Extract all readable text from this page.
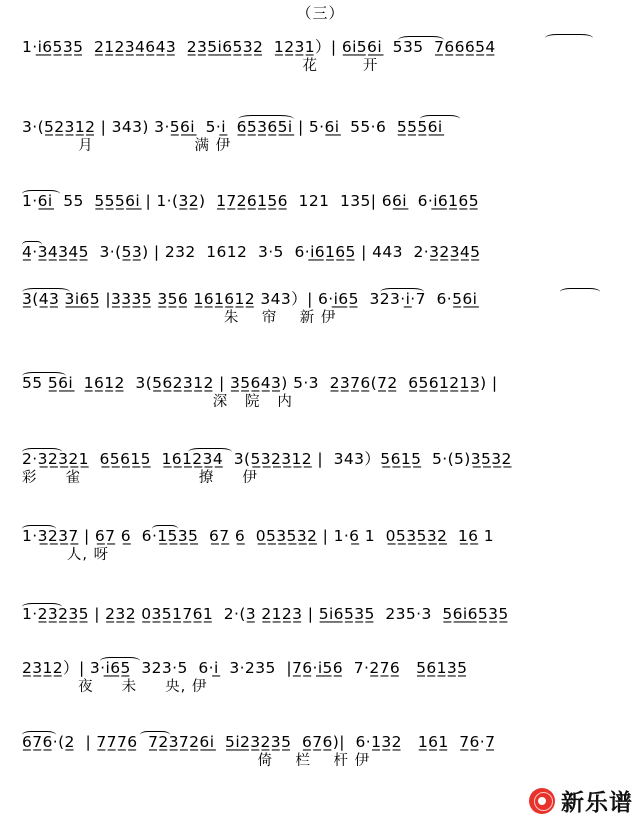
（三）
1·i̲6̲5̲3̲5̲  2̲1̲2̲3̲4̲6̲4̲3̲  2̲3̲5̲i̲6̲5̲3̲2̲  1̲2̲3̲1̲）| 6̲i̲5̲6̲i̲  535  7̲6̲6̲6̲5̲4̲
花        开
3·(5̲2̲3̲1̲2̲ | 343) 3·5̲6̲i̲  5·i̲  6̲5̲3̲6̲5̲i̲ | 5·6̲i̲  55·6  5̲5̲5̲6̲i̲
月                  满 伊
1·6̲i̲  55  5̲5̲5̲6̲i̲ | 1·(3̲2̲)  1̲7̲2̲6̲1̲5̲6̲  121  135| 66̲i̲  6·i̲6̲1̲6̲5̲
4̲·3̲4̲3̲4̲5̲  3·(5̲3̲) | 232  1612  3·5  6·i̲6̲1̲6̲5̲ | 443  2·3̲2̲3̲4̲5̲
3̲(4̲3̲ 3̲i̲6̲5̲ |3̲3̲3̲5̲ 3̲5̲6̲ 1̲6̲1̲6̲1̲2̲ 343）| 6·i̲6̲5̲  323·i̲·7  6·5̲6̲i̲
朱    帘    新 伊
55 5̲6̲i̲  1̲6̲1̲2̲  3(5̲6̲2̲3̲1̲2̲ | 3̲5̲6̲4̲3̲) 5·3  2̲3̲7̲6̲(7̲2̲  6̲5̲6̲1̲2̲1̲3̲) |
深   院   内
2·3̲2̲3̲2̲1̲  6̲5̲6̲1̲5̲  1̲6̲1̲2̲3̲4̲  3(5̲3̲2̲3̲1̲2̲ |  343）5̲6̲1̲5̲  5·(5)3̲5̲3̲2̲
彩     雀                     撩     伊
1·3̲2̲3̲7̲ | 6̲7̲ 6̲  6·1̲5̲3̲5̲  6̲7̲ 6̲  0̲5̲3̲5̲3̲2̲ | 1·6̲ 1  0̲5̲3̲5̲3̲2̲  1̲6̲ 1
人, 呀
1·2̲3̲2̲3̲5̲ | 2̲3̲2̲ 0̲3̲5̲1̲7̲6̲1̲  2·(3̲ 2̲1̲2̲3̲ | 5̲i̲6̲5̲3̲5̲  235·3  5̲6̲i̲6̲5̲3̲5̲
2̲3̲1̲2̲）| 3·i̲6̲5̲  323·5  6·i̲  3·235  |7̲6̲·i̲5̲6̲  7·2̲7̲6̲   5̲6̲1̲3̲5̲
夜     未     央, 伊
6̲7̲6̲·(2̲  | 7̲7̲7̲6̲  7̲2̲3̲7̲2̲6̲i̲  5̲i̲2̲3̲2̲3̲5̲  6̲7̲6̲)|  6·1̲3̲2̲   1̲6̲1̲  7̲6̲·7̲
倚    栏    杆 伊
新乐谱
